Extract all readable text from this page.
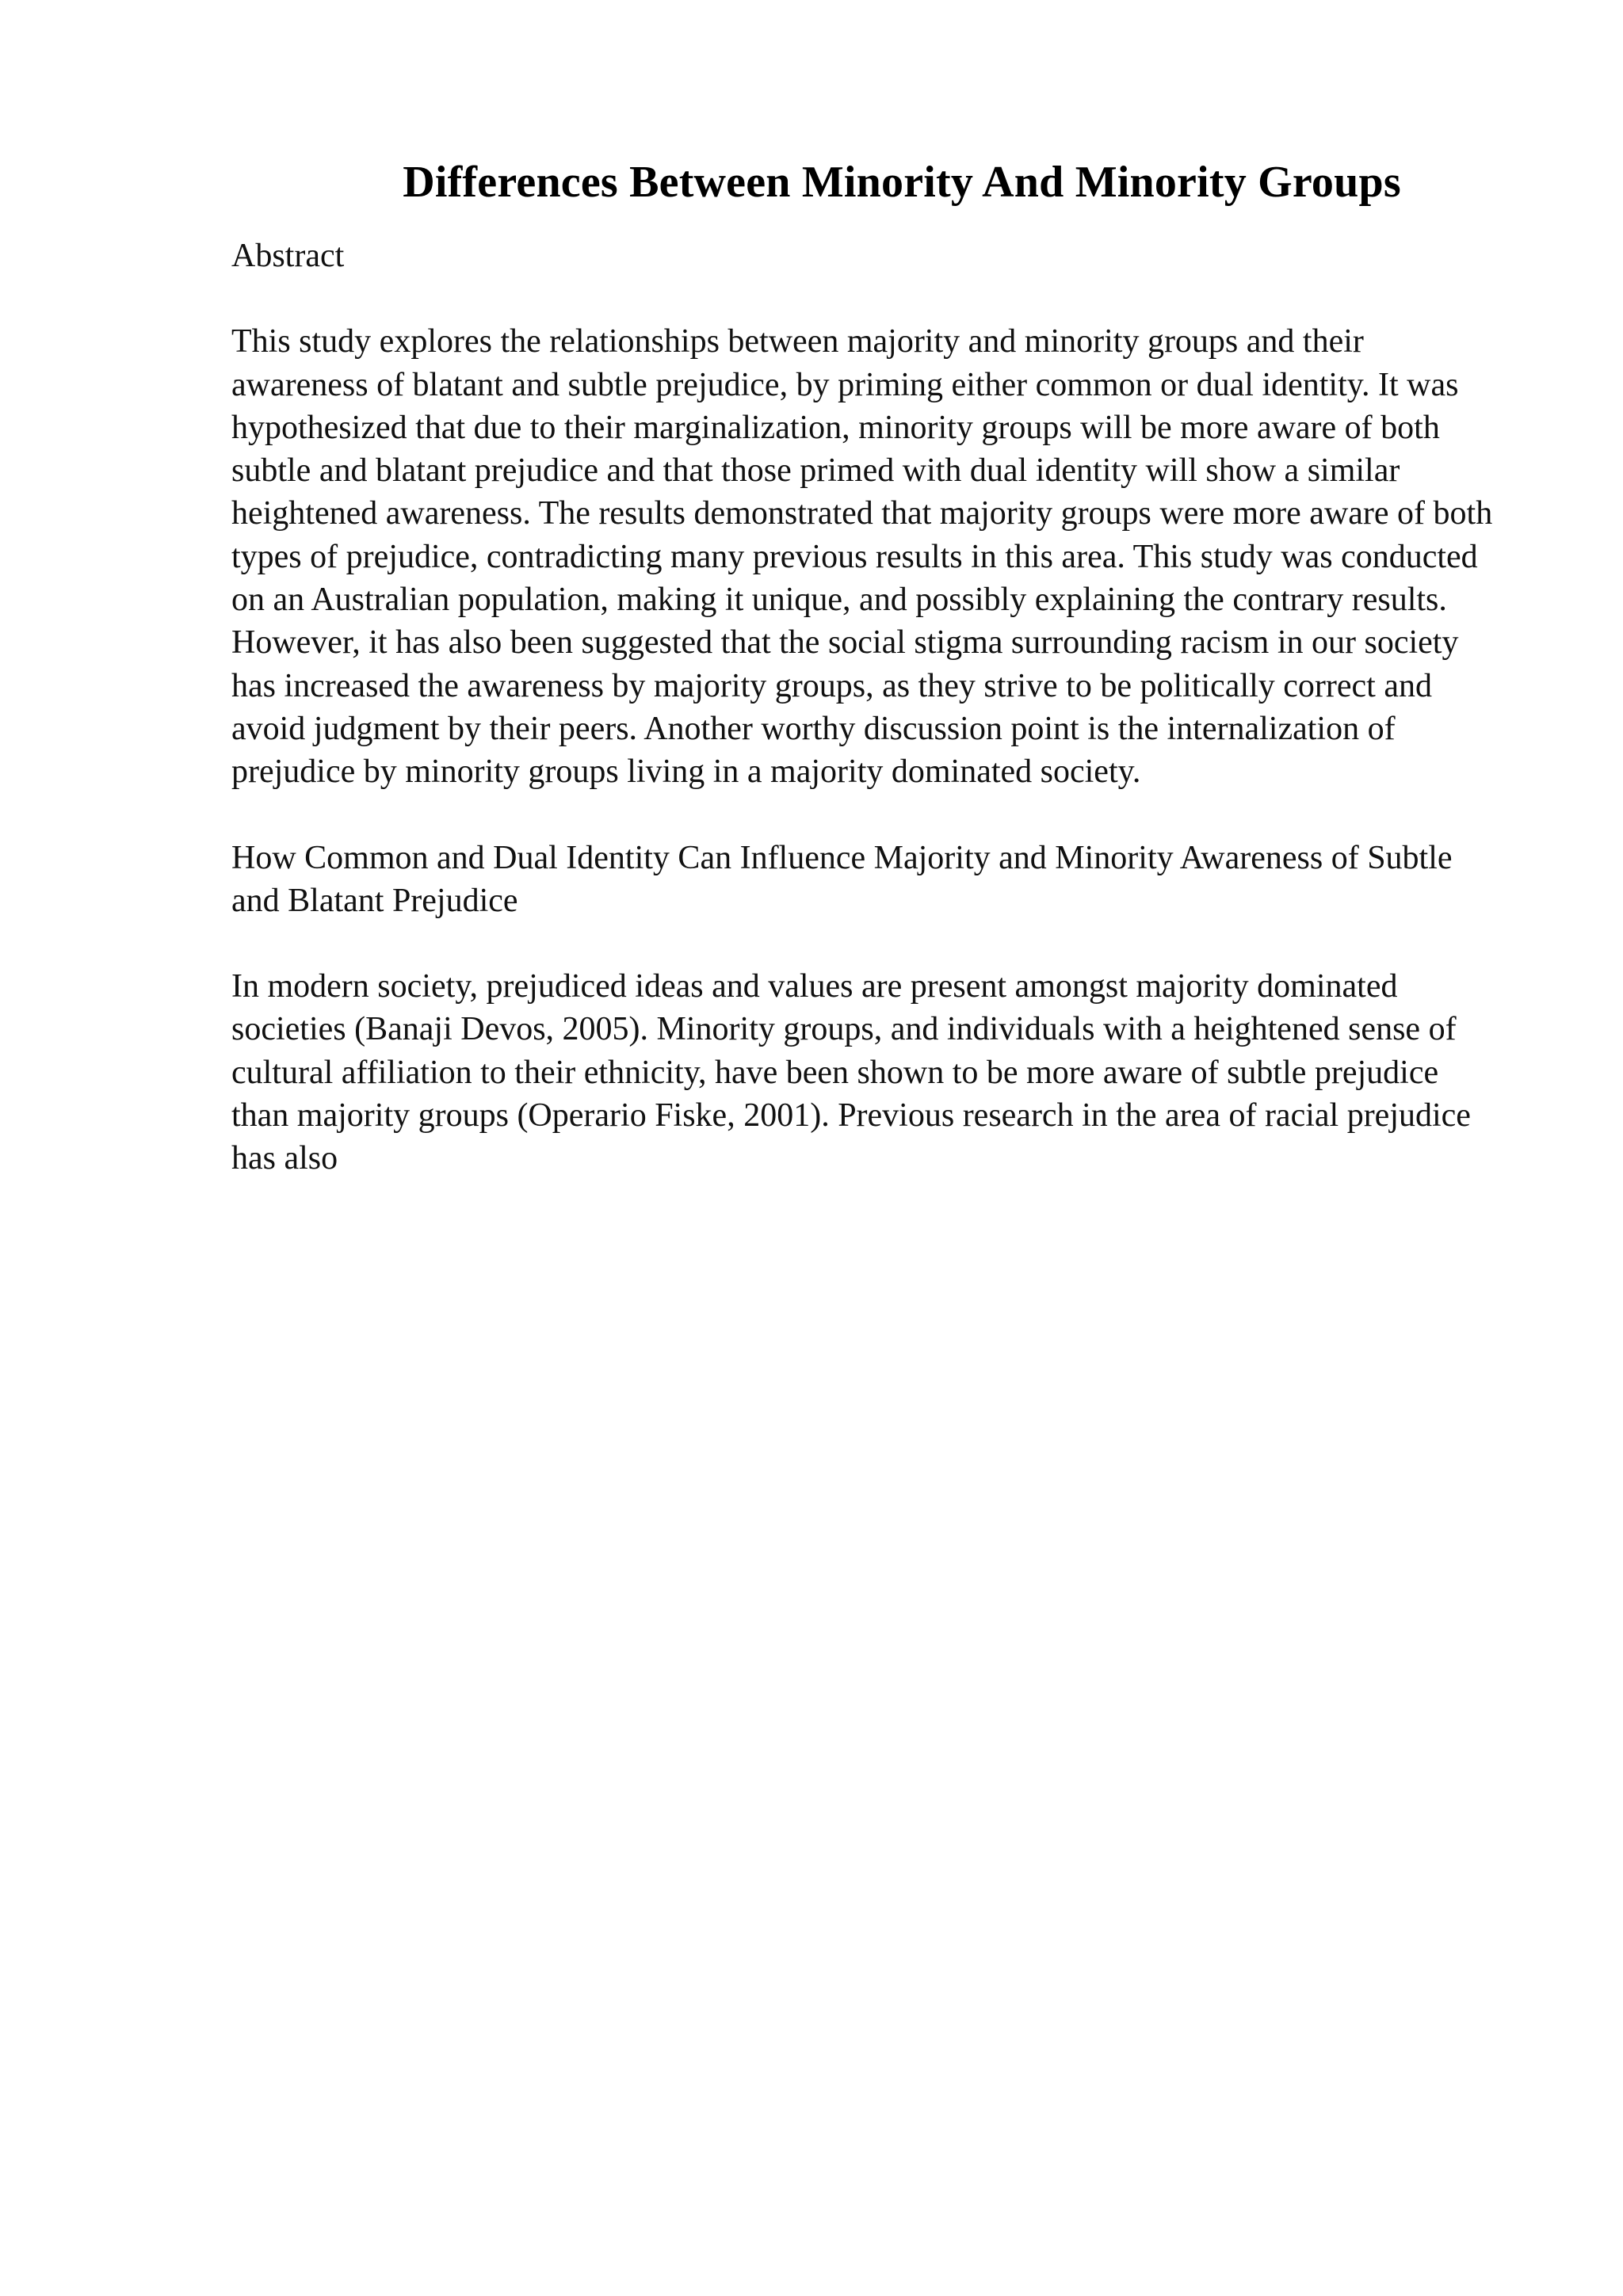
Differences Between Minority And Minority Groups

Abstract

This study explores the relationships between majority and minority groups and their awareness of blatant and subtle prejudice, by priming either common or dual identity. It was hypothesized that due to their marginalization, minority groups will be more aware of both subtle and blatant prejudice and that those primed with dual identity will show a similar heightened awareness. The results demonstrated that majority groups were more aware of both types of prejudice, contradicting many previous results in this area. This study was conducted on an Australian population, making it unique, and possibly explaining the contrary results. However, it has also been suggested that the social stigma surrounding racism in our society has increased the awareness by majority groups, as they strive to be politically correct and avoid judgment by their peers. Another worthy discussion point is the internalization of prejudice by minority groups living in a majority dominated society.

How Common and Dual Identity Can Influence Majority and Minority Awareness of Subtle and Blatant Prejudice

In modern society, prejudiced ideas and values are present amongst majority dominated societies (Banaji Devos, 2005). Minority groups, and individuals with a heightened sense of cultural affiliation to their ethnicity, have been shown to be more aware of subtle prejudice than majority groups (Operario Fiske, 2001). Previous research in the area of racial prejudice has also
